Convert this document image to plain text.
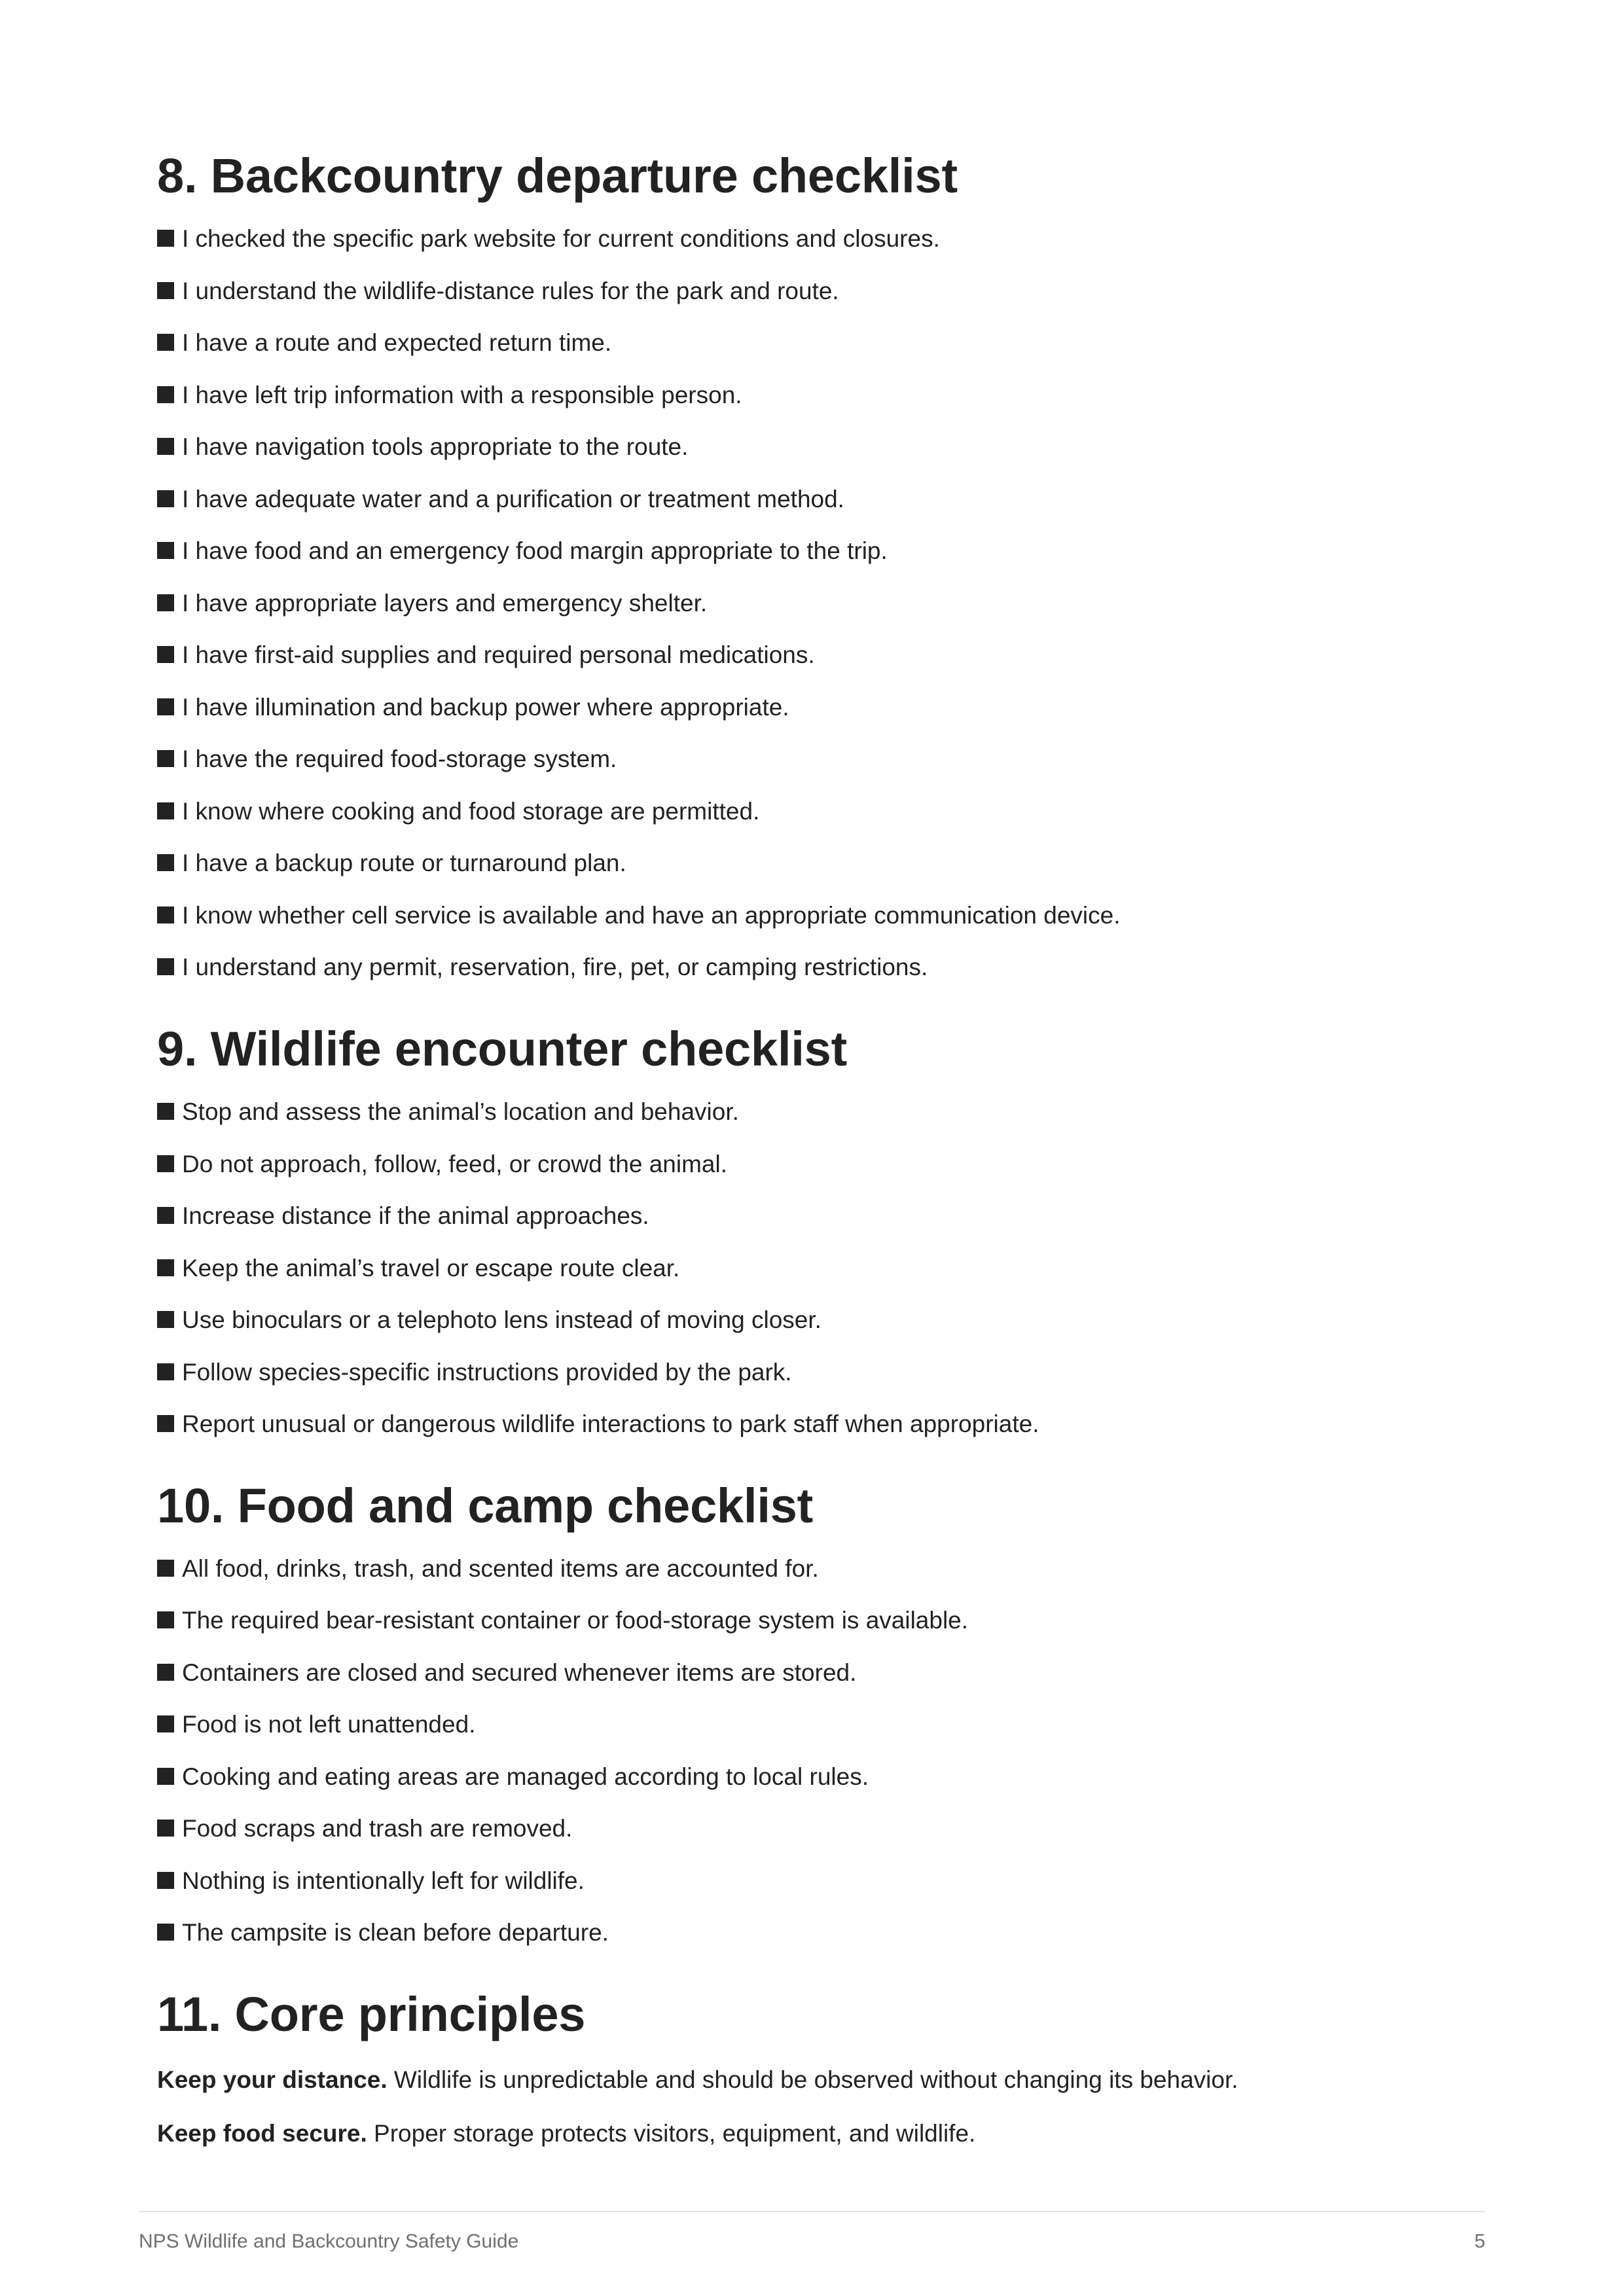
8. Backcountry departure checklist
I checked the specific park website for current conditions and closures.
I understand the wildlife-distance rules for the park and route.
I have a route and expected return time.
I have left trip information with a responsible person.
I have navigation tools appropriate to the route.
I have adequate water and a purification or treatment method.
I have food and an emergency food margin appropriate to the trip.
I have appropriate layers and emergency shelter.
I have first-aid supplies and required personal medications.
I have illumination and backup power where appropriate.
I have the required food-storage system.
I know where cooking and food storage are permitted.
I have a backup route or turnaround plan.
I know whether cell service is available and have an appropriate communication device.
I understand any permit, reservation, fire, pet, or camping restrictions.
9. Wildlife encounter checklist
Stop and assess the animal’s location and behavior.
Do not approach, follow, feed, or crowd the animal.
Increase distance if the animal approaches.
Keep the animal’s travel or escape route clear.
Use binoculars or a telephoto lens instead of moving closer.
Follow species-specific instructions provided by the park.
Report unusual or dangerous wildlife interactions to park staff when appropriate.
10. Food and camp checklist
All food, drinks, trash, and scented items are accounted for.
The required bear-resistant container or food-storage system is available.
Containers are closed and secured whenever items are stored.
Food is not left unattended.
Cooking and eating areas are managed according to local rules.
Food scraps and trash are removed.
Nothing is intentionally left for wildlife.
The campsite is clean before departure.
11. Core principles

Keep your distance. Wildlife is unpredictable and should be observed without changing its behavior.

Keep food secure. Proper storage protects visitors, equipment, and wildlife.

NPS Wildlife and Backcountry Safety Guide	5
